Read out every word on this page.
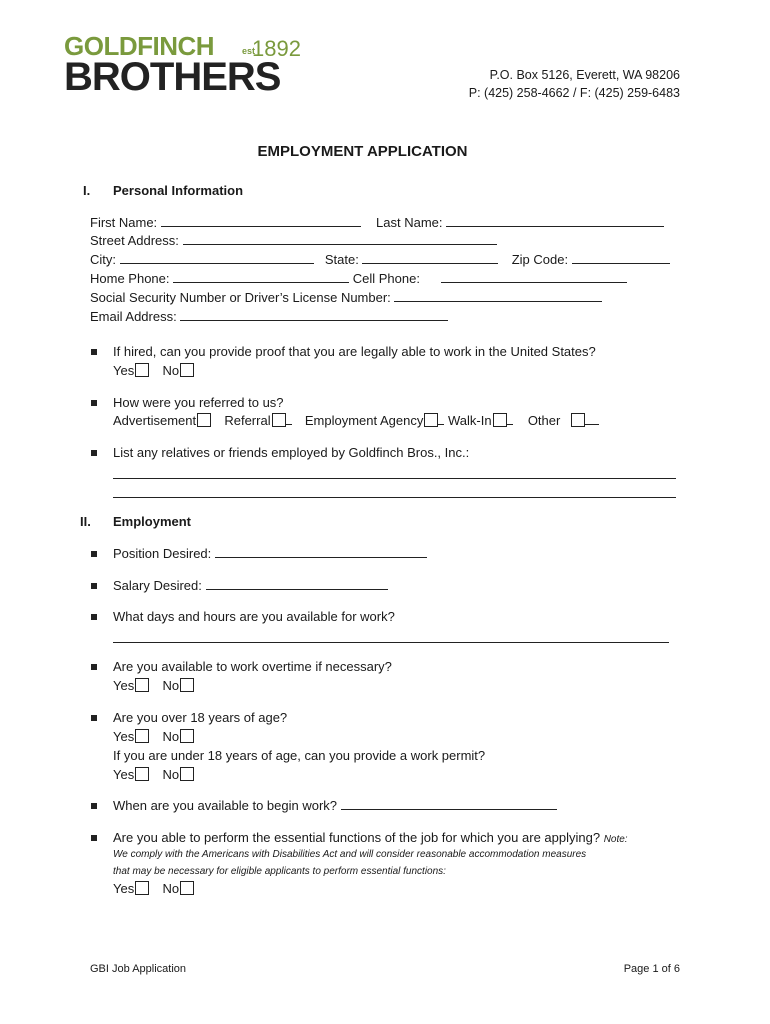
GOLDFINCH	est
1892
BROTHERS	P.O. Box 5126, Everett, WA 98206
P: (425) 258-4662 / F: (425) 259-6483
EMPLOYMENT APPLICATION
I. Personal Information
First Name:	Last Name:
Street Address:
City:	State:	Zip Code:
Home Phone:	Cell Phone:
Social Security Number or Driver’s License Number:
Email Address:
If hired, can you provide proof that you are legally able to work in the United States?
Yes No
How were you referred to us?
Advertisement Referral	Employment Agency Walk-In	Other
List any relatives or friends employed by Goldfinch Bros., Inc.:
II. Employment
Position Desired:
Salary Desired:
What days and hours are you available for work?
Are you available to work overtime if necessary?
Yes No
Are you over 18 years of age?
Yes No
If you are under 18 years of age, can you provide a work permit?
Yes No
When are you available to begin work?
Are you able to perform the essential functions of the job for which you are applying? Note:
We comply with the Americans with Disabilities Act and will consider reasonable accommodation measures
that may be necessary for eligible applicants to perform essential functions:
Yes No
GBI Job Application	Page 1 of 6
